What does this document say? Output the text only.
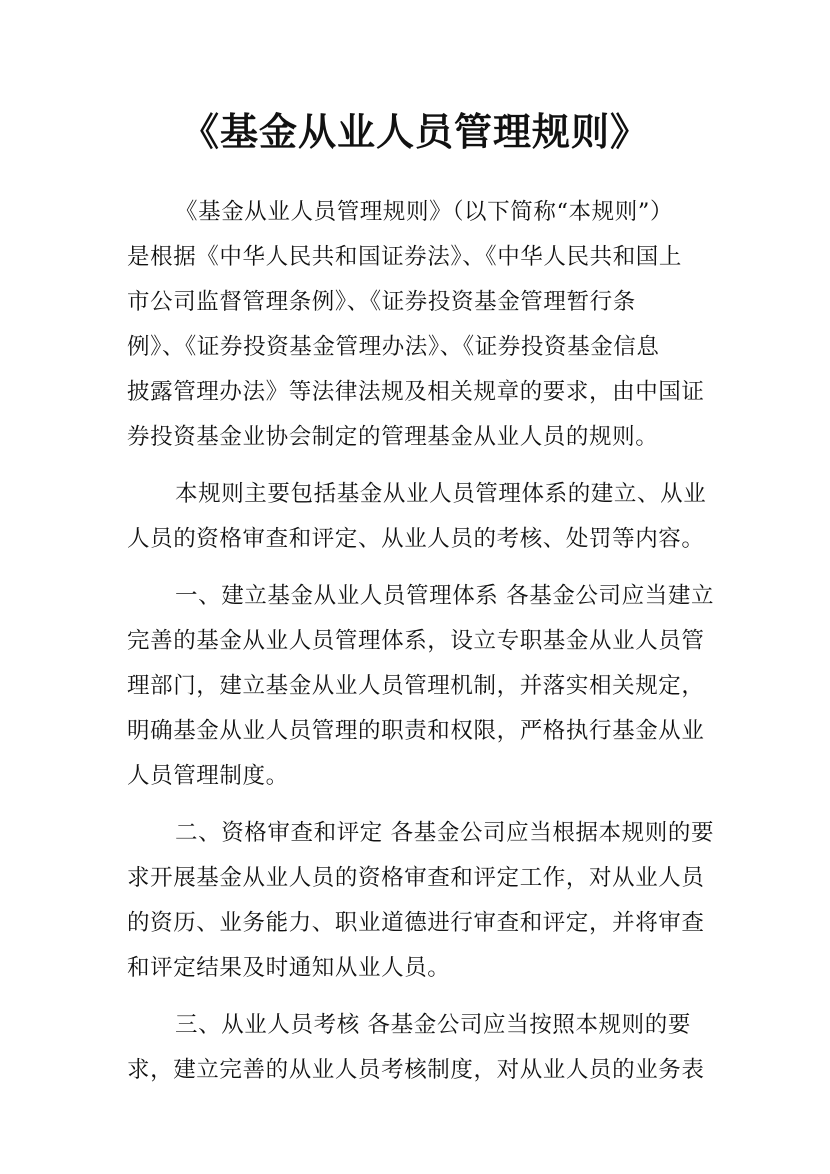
《基金从业人员管理规则》
《基金从业人员管理规则》（以下简称“本规则”）
是根据《中华人民共和国证券法》、《中华人民共和国上
市公司监督管理条例》、《证券投资基金管理暂行条
例》、《证券投资基金管理办法》、《证券投资基金信息
披露管理办法》等法律法规及相关规章的要求，由中国证
券投资基金业协会制定的管理基金从业人员的规则。
本规则主要包括基金从业人员管理体系的建立、从业
人员的资格审查和评定、从业人员的考核、处罚等内容。
一、建立基金从业人员管理体系 各基金公司应当建立
完善的基金从业人员管理体系，设立专职基金从业人员管
理部门，建立基金从业人员管理机制，并落实相关规定，
明确基金从业人员管理的职责和权限，严格执行基金从业
人员管理制度。
二、资格审查和评定 各基金公司应当根据本规则的要
求开展基金从业人员的资格审查和评定工作，对从业人员
的资历、业务能力、职业道德进行审查和评定，并将审查
和评定结果及时通知从业人员。
三、从业人员考核 各基金公司应当按照本规则的要
求，建立完善的从业人员考核制度，对从业人员的业务表
